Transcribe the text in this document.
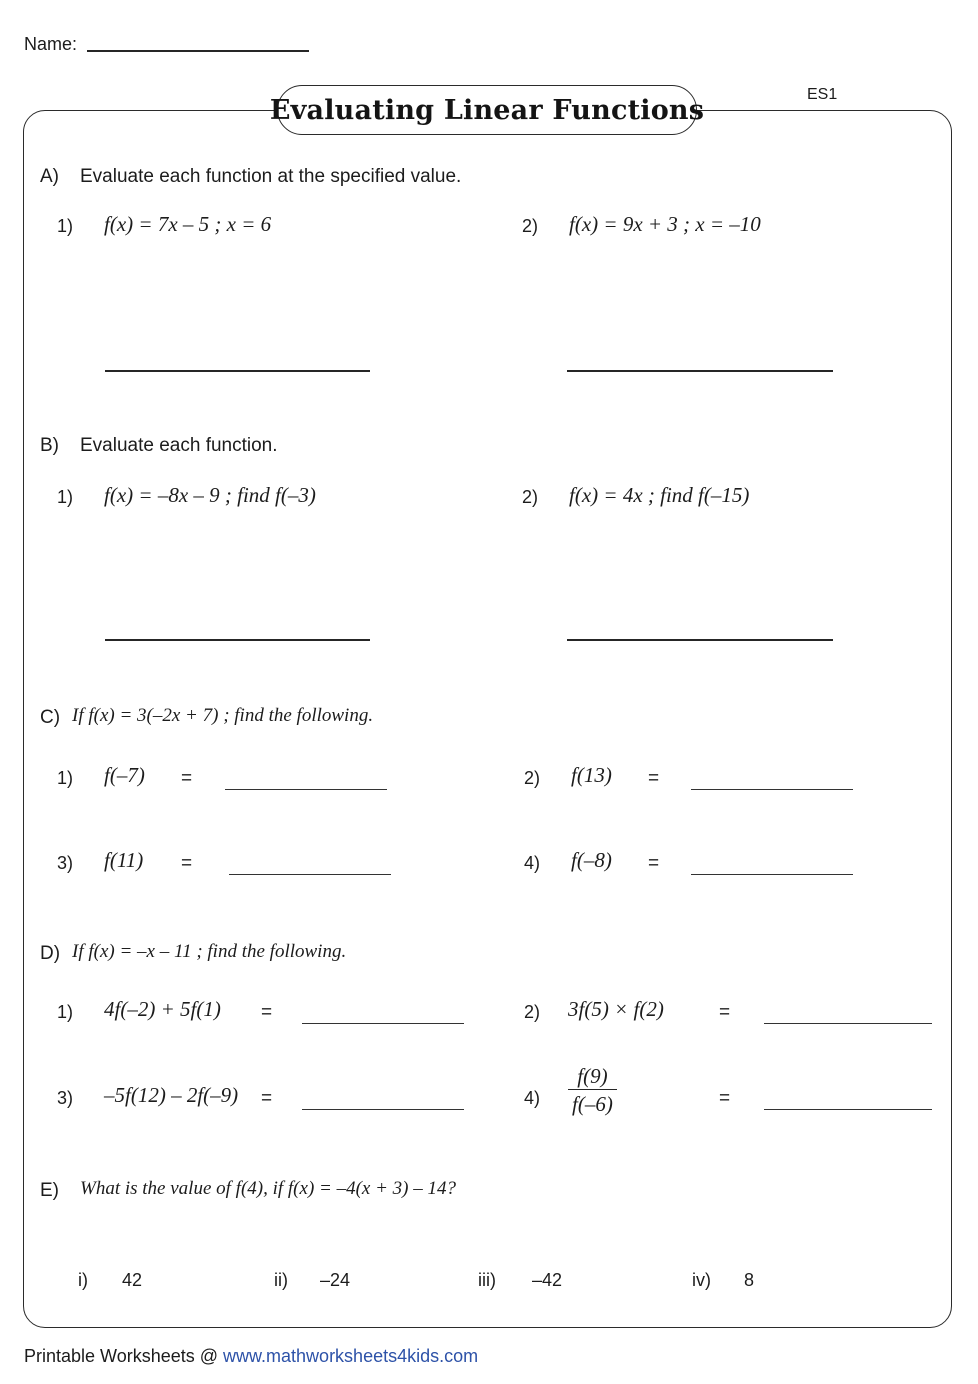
Name:
ES1
Evaluating Linear Functions
A) Evaluate each function at the specified value.
1) f(x) = 7x – 5 ; x = 6	2) f(x) = 9x + 3 ; x = –10
B) Evaluate each function.
1) f(x) = –8x – 9 ; find f(–3)	2) f(x) = 4x ; find f(–15)
C) If f(x) = 3(–2x + 7) ; find the following.
1) f(–7) =	2) f(13) =
3) f(11) =	4) f(–8) =
D) If f(x) = –x – 11 ; find the following.
1) 4f(–2) + 5f(1) =	2) 3f(5) × f(2)	=
3) –5f(12) – 2f(–9) =	4)
f(9)
f(–6)	=
E) What is the value of f(4), if f(x) = –4(x + 3) – 14?
i) 42	ii) –24	iii) –42	iv) 8
Printable Worksheets @ www.mathworksheets4kids.com
